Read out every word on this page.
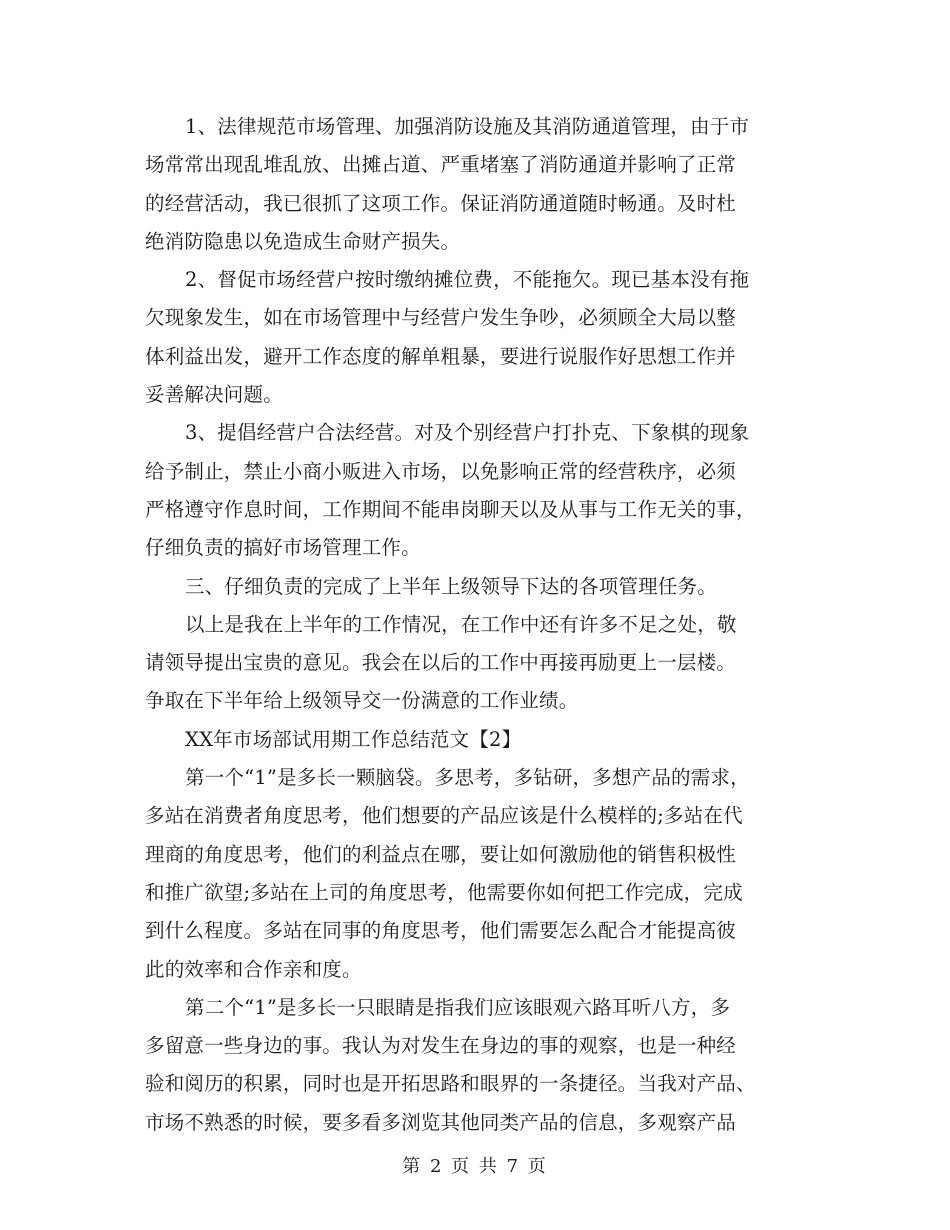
1、法律规范市场管理、加强消防设施及其消防通道管理，由于市
场常常出现乱堆乱放、出摊占道、严重堵塞了消防通道并影响了正常
的经营活动，我已很抓了这项工作。保证消防通道随时畅通。及时杜
绝消防隐患以免造成生命财产损失。
2、督促市场经营户按时缴纳摊位费，不能拖欠。现已基本没有拖
欠现象发生，如在市场管理中与经营户发生争吵，必须顾全大局以整
体利益出发，避开工作态度的解单粗暴，要进行说服作好思想工作并
妥善解决问题。
3、提倡经营户合法经营。对及个别经营户打扑克、下象棋的现象
给予制止，禁止小商小贩进入市场，以免影响正常的经营秩序，必须
严格遵守作息时间，工作期间不能串岗聊天以及从事与工作无关的事，
仔细负责的搞好市场管理工作。
三、仔细负责的完成了上半年上级领导下达的各项管理任务。
以上是我在上半年的工作情况，在工作中还有许多不足之处，敬
请领导提出宝贵的意见。我会在以后的工作中再接再励更上一层楼。
争取在下半年给上级领导交一份满意的工作业绩。
XX年市场部试用期工作总结范文【2】
第一个“1”是多长一颗脑袋。多思考，多钻研，多想产品的需求，
多站在消费者角度思考，他们想要的产品应该是什么模样的;多站在代
理商的角度思考，他们的利益点在哪，要让如何激励他的销售积极性
和推广欲望;多站在上司的角度思考，他需要你如何把工作完成，完成
到什么程度。多站在同事的角度思考，他们需要怎么配合才能提高彼
此的效率和合作亲和度。
第二个“1”是多长一只眼睛是指我们应该眼观六路耳听八方，多
多留意一些身边的事。我认为对发生在身边的事的观察，也是一种经
验和阅历的积累，同时也是开拓思路和眼界的一条捷径。当我对产品、
市场不熟悉的时候，要多看多浏览其他同类产品的信息，多观察产品
第 2 页 共 7 页
